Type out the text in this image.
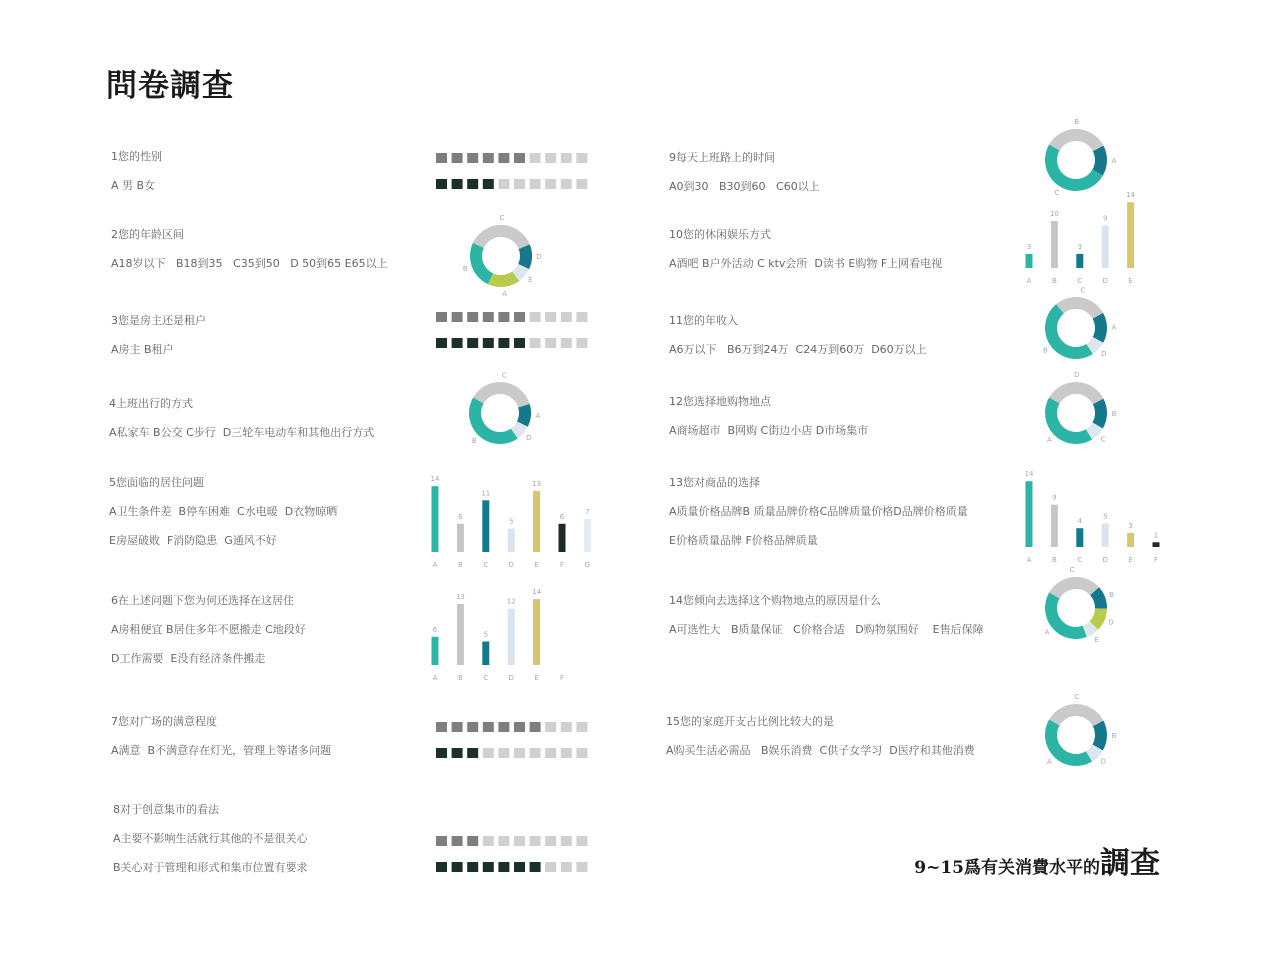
問卷調查
1您的性别
A 男 B女
2您的年龄区间
A18岁以下   B18到35   C35到50   D 50到65 E65以上
3您是房主还是租户
A房主 B租户
4上班出行的方式
A私家车 B公交 C步行  D三轮车电动车和其他出行方式
5您面临的居住问题
A卫生条件差  B停车困难  C水电暖  D衣物晾晒
E房屋破败  F消防隐患  G通风不好
6在上述问题下您为何还选择在这居住
A房租便宜 B居住多年不愿搬走 C地段好
D工作需要  E没有经济条件搬走
7您对广场的满意程度
A满意  B不满意存在灯光，管理上等诸多问题
8对于创意集市的看法
A主要不影响生活就行其他的不是很关心
B关心对于管理和形式和集市位置有要求
9每天上班路上的时间
A0到30   B30到60   C60以上
10您的休闲娱乐方式
A酒吧 B户外活动 C ktv会所  D读书 E购物 F上网看电视
11您的年收入
A6万以下   B6万到24万  C24万到60万  D60万以上
12您选择地购物地点
A商场超市  B网购 C街边小店 D市场集市
13您对商品的选择
A质量价格品牌B 质量品牌价格C品牌质量价格D品牌价格质量
E价格质量品牌 F价格品牌质量
14您倾向去选择这个购物地点的原因是什么
A可选性大   B质量保证   C价格合适   D购物氛围好    E售后保障
15您的家庭开支占比例比较大的是
A购买生活必需品   B娱乐消费  C供子女学习  D医疗和其他消费
C
D
E
A
B
C
A
D
B
14
A
6
B
11
C
5
D
13
E
6
F
7
G
6
A
13
B
5
C
12
D
14
E	F
B
A
C
3
A
10
B
3
C
9
D
14
E
C
A
D
B
D
B
C
A
14
A
9
B
4
C
5
D
3
E
1
F
C
B
D
E
A
C
B
D
A
9~15爲有关消費水平的調查
